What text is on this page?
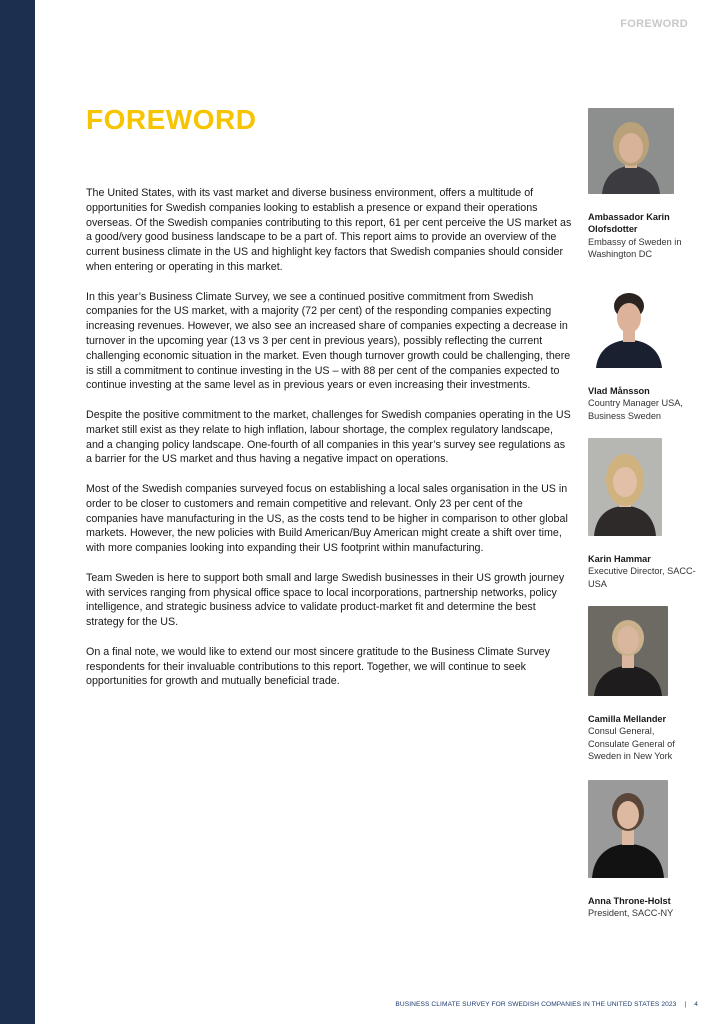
FOREWORD
FOREWORD

The United States, with its vast market and diverse business environment, offers a multitude of opportunities for Swedish companies looking to establish a presence or expand their operations overseas. Of the Swedish companies contributing to this report, 61 per cent perceive the US market as a good/very good business landscape to be a part of. This report aims to provide an overview of the current business climate in the US and highlight key factors that Swedish companies should consider when entering or operating in this market.

In this year’s Business Climate Survey, we see a continued positive commitment from Swedish companies for the US market, with a majority (72 per cent) of the responding companies expecting increasing revenues. However, we also see an increased share of companies expecting a decrease in turnover in the upcoming year (13 vs 3 per cent in previous years), possibly reflecting the current challenging economic situation in the market. Even though turnover growth could be challenging, there is still a commitment to continue investing in the US – with 88 per cent of the companies expected to continue investing at the same level as in previous years or even increasing their investments.

Despite the positive commitment to the market, challenges for Swedish companies operating in the US market still exist as they relate to high inflation, labour shortage, the complex regulatory landscape, and a changing policy landscape. One-fourth of all companies in this year’s survey see regulations as a barrier for the US market and thus having a negative impact on operations.

Most of the Swedish companies surveyed focus on establishing a local sales organisation in the US in order to be closer to customers and remain competitive and relevant. Only 23 per cent of the companies have manufacturing in the US, as the costs tend to be higher in comparison to other global markets. However, the new policies with Build American/Buy American might create a shift over time, with more companies looking into expanding their US footprint within manufacturing.

Team Sweden is here to support both small and large Swedish businesses in their US growth journey with services ranging from physical office space to local incorporations, partnership networks, policy intelligence, and strategic business advice to validate product-market fit and determine the best strategy for the US.

On a final note, we would like to extend our most sincere gratitude to the Business Climate Survey respondents for their invaluable contributions to this report. Together, we will continue to seek opportunities for growth and mutually beneficial trade.

Ambassador Karin Olofsdotter
Embassy of Sweden in Washington DC
Vlad Månsson
Country Manager USA, Business Sweden
Karin Hammar
Executive Director, SACC-USA
Camilla Mellander
Consul General, Consulate General of Sweden in New York
Anna Throne-Holst
President, SACC-NY
BUSINESS CLIMATE SURVEY FOR SWEDISH COMPANIES IN THE UNITED STATES 2023 | 4
